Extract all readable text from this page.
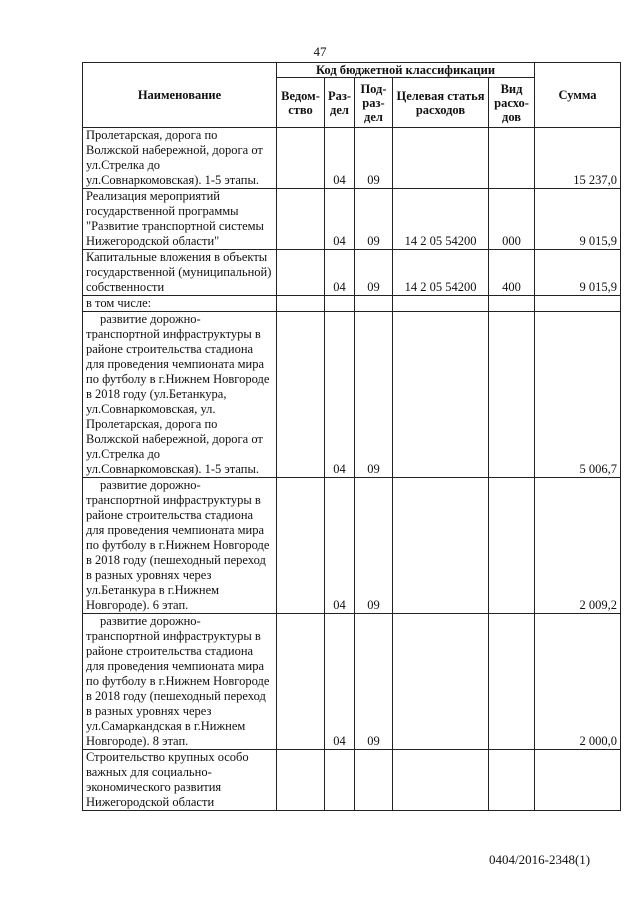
47
Наименование	Код бюджетной классификации					Сумма
	Ведом-ство	Раз-дел	Под-раз-дел	Целевая статья расходов	Вид расхо-дов	
Пролетарская, дорога по Волжской набережной, дорога от ул.Стрелка до ул.Совнаркомовская). 1-5 этапы.		04	09			15 237,0
Реализация мероприятий государственной программы "Развитие транспортной системы Нижегородской области"		04	09	14 2 05 54200	000	9 015,9
Капитальные вложения в объекты государственной (муниципальной) собственности		04	09	14 2 05 54200	400	9 015,9
в том числе:						
развитие дорожно-транспортной инфраструктуры в районе строительства стадиона для проведения чемпионата мира по футболу в г.Нижнем Новгороде в 2018 году (ул.Бетанкура, ул.Совнаркомовская, ул. Пролетарская, дорога по Волжской набережной, дорога от ул.Стрелка до ул.Совнаркомовская). 1-5 этапы.		04	09			5 006,7
развитие дорожно-транспортной инфраструктуры в районе строительства стадиона для проведения чемпионата мира по футболу в г.Нижнем Новгороде в 2018 году (пешеходный переход в разных уровнях через ул.Бетанкура в г.Нижнем Новгороде). 6 этап.		04	09			2 009,2
развитие дорожно-транспортной инфраструктуры в районе строительства стадиона для проведения чемпионата мира по футболу в г.Нижнем Новгороде в 2018 году (пешеходный переход в разных уровнях через ул.Самаркандская в г.Нижнем Новгороде). 8 этап.		04	09			2 000,0
Строительство крупных особо важных для социально-экономического развития Нижегородской области						
0404/2016-2348(1)
